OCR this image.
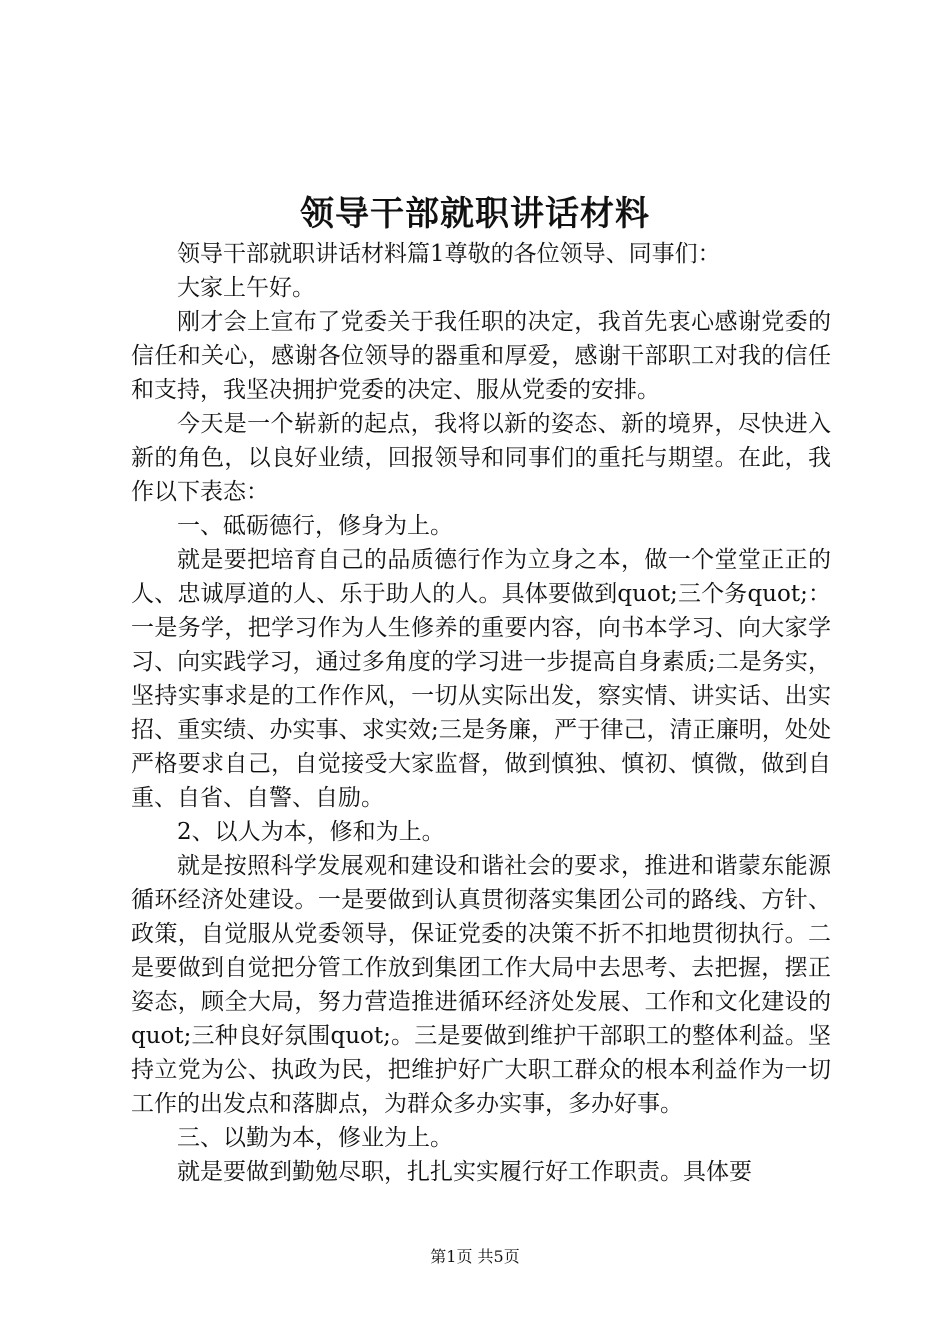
领导干部就职讲话材料

领导干部就职讲话材料篇1尊敬的各位领导、同事们：

大家上午好。

刚才会上宣布了党委关于我任职的决定，我首先衷心感谢党委的信任和关心，感谢各位领导的器重和厚爱，感谢干部职工对我的信任和支持，我坚决拥护党委的决定、服从党委的安排。

今天是一个崭新的起点，我将以新的姿态、新的境界，尽快进入新的角色，以良好业绩，回报领导和同事们的重托与期望。在此，我作以下表态：

一、砥砺德行，修身为上。

就是要把培育自己的品质德行作为立身之本，做一个堂堂正正的人、忠诚厚道的人、乐于助人的人。具体要做到quot;三个务quot;：一是务学，把学习作为人生修养的重要内容，向书本学习、向大家学习、向实践学习，通过多角度的学习进一步提高自身素质;二是务实，坚持实事求是的工作作风，一切从实际出发，察实情、讲实话、出实招、重实绩、办实事、求实效;三是务廉，严于律己，清正廉明，处处严格要求自己，自觉接受大家监督，做到慎独、慎初、慎微，做到自重、自省、自警、自励。

2、以人为本，修和为上。

就是按照科学发展观和建设和谐社会的要求，推进和谐蒙东能源循环经济处建设。一是要做到认真贯彻落实集团公司的路线、方针、政策，自觉服从党委领导，保证党委的决策不折不扣地贯彻执行。二是要做到自觉把分管工作放到集团工作大局中去思考、去把握，摆正姿态，顾全大局，努力营造推进循环经济处发展、工作和文化建设的quot;三种良好氛围quot;。三是要做到维护干部职工的整体利益。坚持立党为公、执政为民，把维护好广大职工群众的根本利益作为一切工作的出发点和落脚点，为群众多办实事，多办好事。

三、以勤为本，修业为上。

就是要做到勤勉尽职，扎扎实实履行好工作职责。具体要

第1页 共5页
